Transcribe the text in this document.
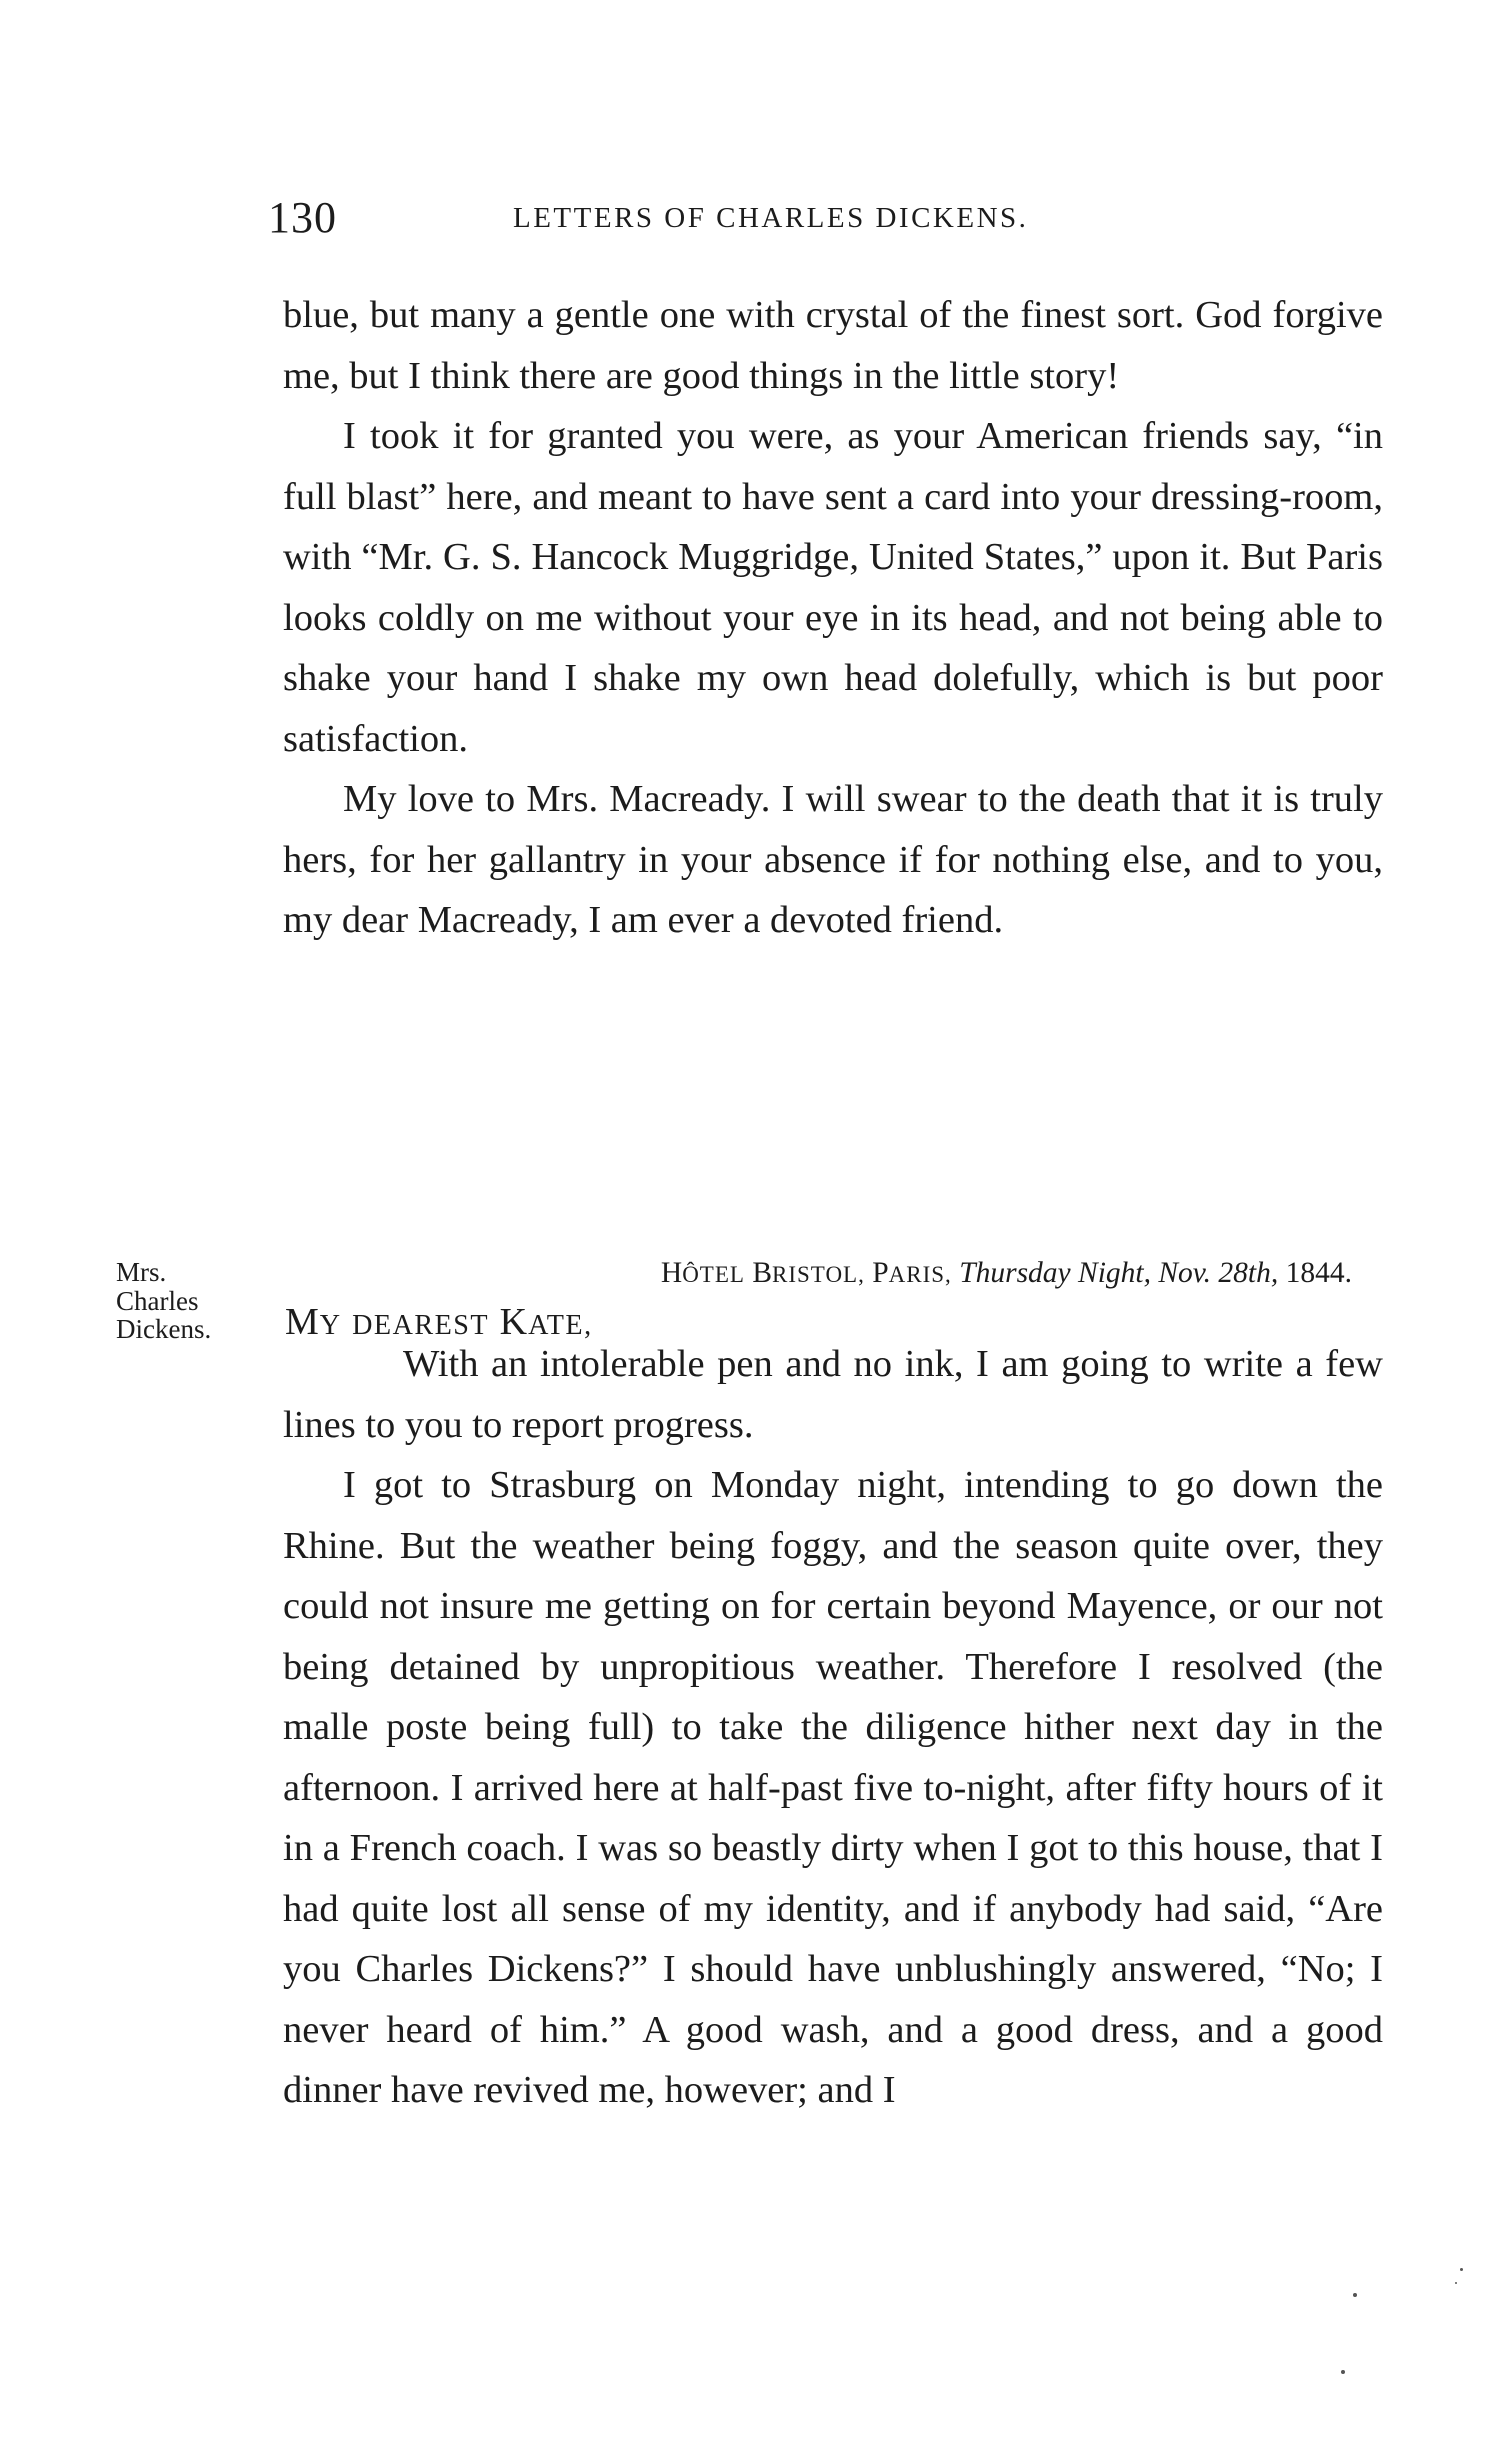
130	LETTERS OF CHARLES DICKENS.

blue, but many a gentle one with crystal of the finest sort. God forgive me, but I think there are good things in the little story!

I took it for granted you were, as your American friends say, “in full blast” here, and meant to have sent a card into your dressing-room, with “Mr. G. S. Hancock Muggridge, United States,” upon it. But Paris looks coldly on me without your eye in its head, and not being able to shake your hand I shake my own head dolefully, which is but poor satisfaction.

My love to Mrs. Macready. I will swear to the death that it is truly hers, for her gallantry in your absence if for nothing else, and to you, my dear Macready, I am ever a devoted friend.

Mrs.
Charles
Dickens.
HÔTEL BRISTOL, PARIS, Thursday Night, Nov. 28th, 1844.
MY DEAREST KATE,

With an intolerable pen and no ink, I am going to write a few lines to you to report progress.

I got to Strasburg on Monday night, intending to go down the Rhine. But the weather being foggy, and the season quite over, they could not insure me getting on for certain beyond Mayence, or our not being detained by unpropitious weather. Therefore I resolved (the malle poste being full) to take the diligence hither next day in the afternoon. I arrived here at half-past five to-night, after fifty hours of it in a French coach. I was so beastly dirty when I got to this house, that I had quite lost all sense of my identity, and if anybody had said, “Are you Charles Dickens?” I should have unblushingly answered, “No; I never heard of him.” A good wash, and a good dress, and a good dinner have revived me, however; and I
